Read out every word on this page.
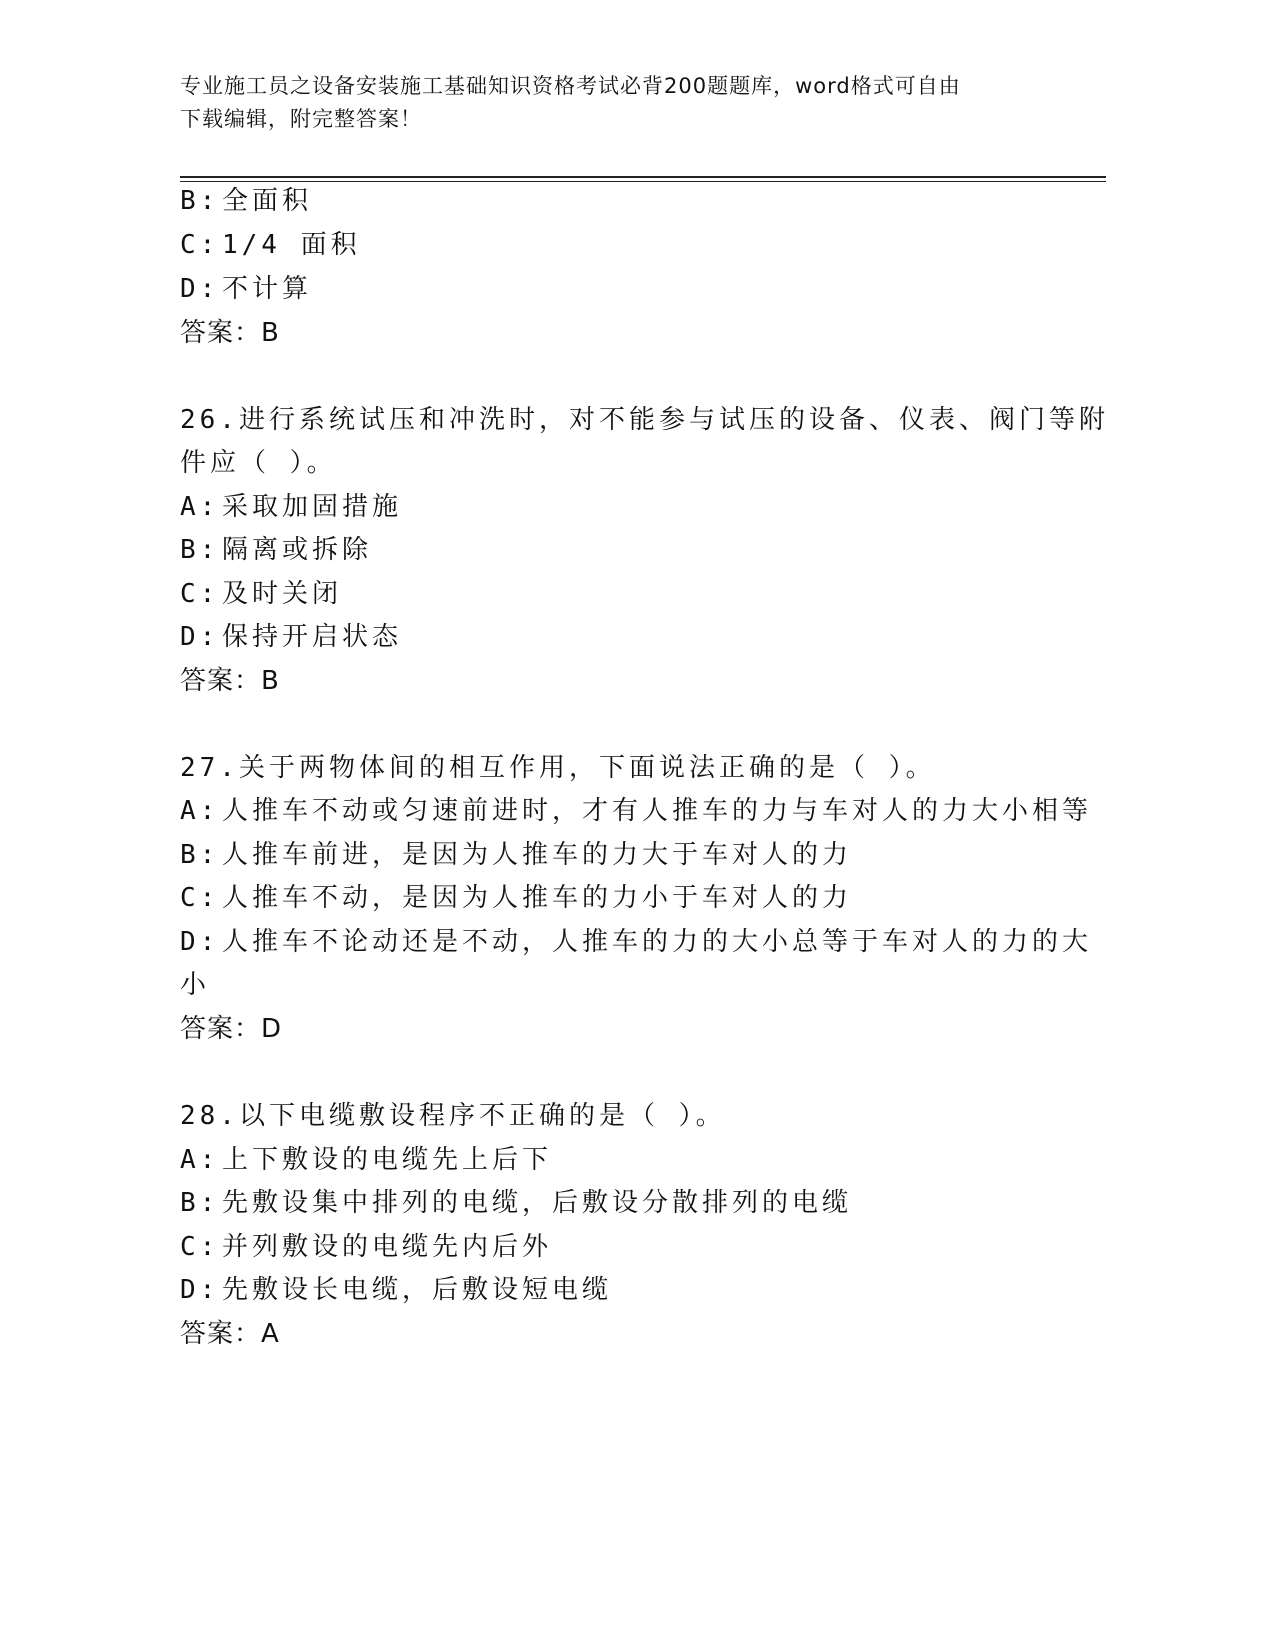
专业施工员之设备安装施工基础知识资格考试必背200题题库，word格式可自由
下载编辑，附完整答案！
B: 全面积
C: 1/4 面积
D: 不计算
答案：B
26.进行系统试压和冲洗时，对不能参与试压的设备、仪表、阀门等附
件应（ ）。
A: 采取加固措施
B: 隔离或拆除
C: 及时关闭
D: 保持开启状态
答案：B
27.关于两物体间的相互作用，下面说法正确的是（ ）。
A: 人推车不动或匀速前进时，才有人推车的力与车对人的力大小相等
B: 人推车前进，是因为人推车的力大于车对人的力
C: 人推车不动，是因为人推车的力小于车对人的力
D: 人推车不论动还是不动，人推车的力的大小总等于车对人的力的大
小
答案：D
28.以下电缆敷设程序不正确的是（ ）。
A: 上下敷设的电缆先上后下
B: 先敷设集中排列的电缆，后敷设分散排列的电缆
C: 并列敷设的电缆先内后外
D: 先敷设长电缆，后敷设短电缆
答案：A
